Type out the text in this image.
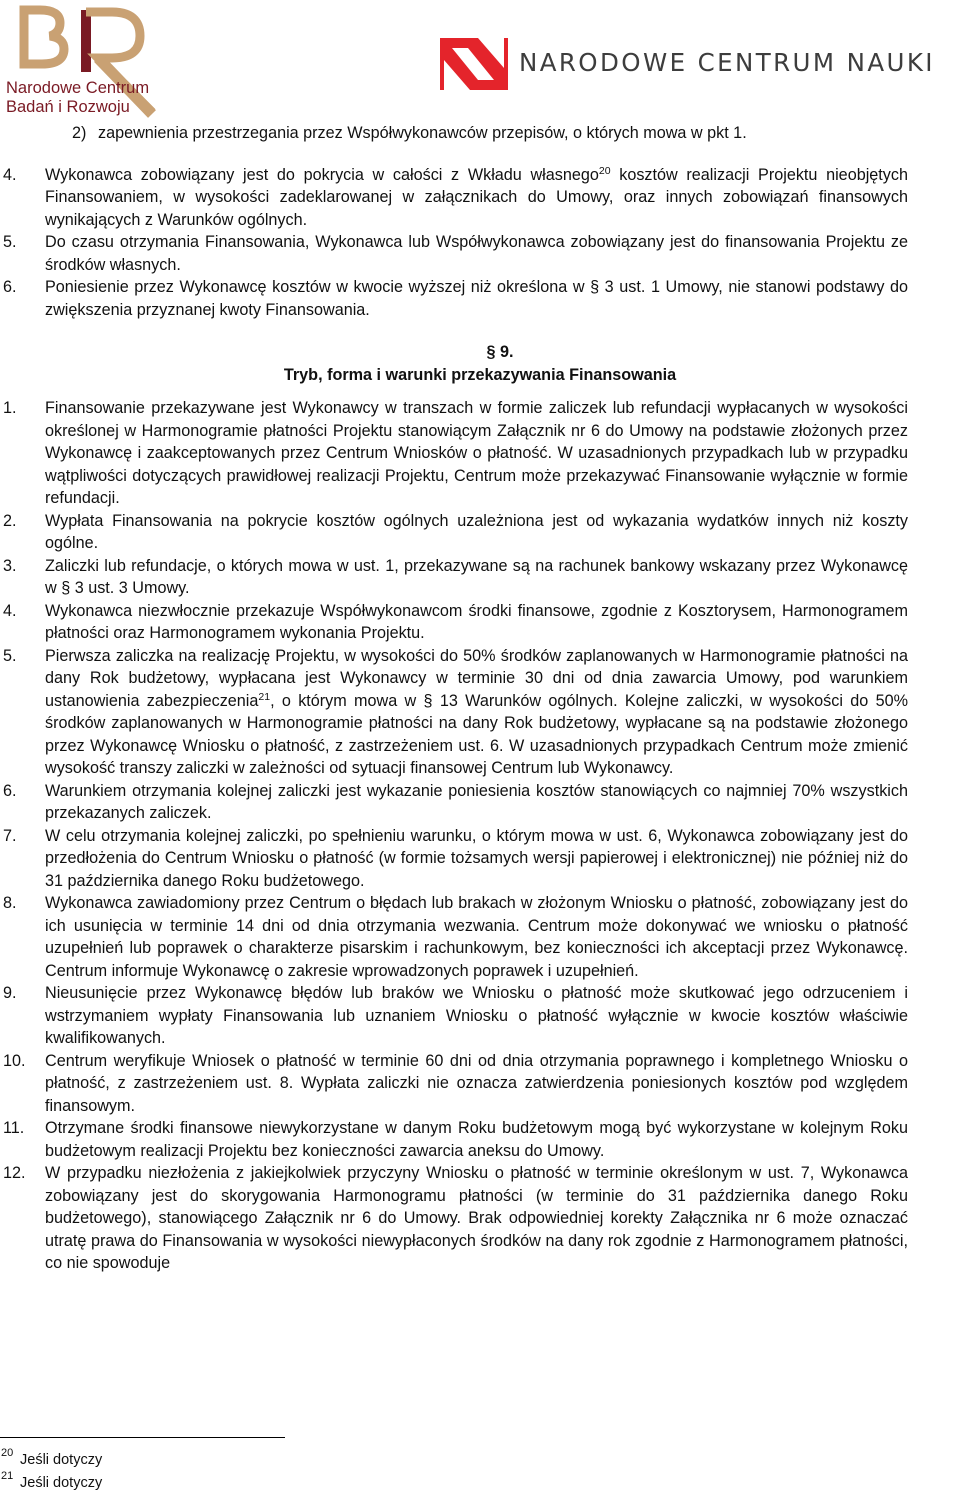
Narodowe Centrum
Badań i Rozwoju
NARODOWE CENTRUM NAUKI
2) zapewnienia przestrzegania przez Współwykonawców przepisów, o których mowa w pkt 1.
4. Wykonawca zobowiązany jest do pokrycia w całości z Wkładu własnego$^{20}$ kosztów realizacji Projektu nieobjętych Finansowaniem, w wysokości zadeklarowanej w załącznikach do Umowy, oraz innych zobowiązań finansowych wynikających z Warunków ogólnych.
5. Do czasu otrzymania Finansowania, Wykonawca lub Współwykonawca zobowiązany jest do finansowania Projektu ze środków własnych.
6. Poniesienie przez Wykonawcę kosztów w kwocie wyższej niż określona w § 3 ust. 1 Umowy, nie stanowi podstawy do zwiększenia przyznanej kwoty Finansowania.
§ 9.
Tryb, forma i warunki przekazywania Finansowania
1. Finansowanie przekazywane jest Wykonawcy w transzach w formie zaliczek lub refundacji wypłacanych w wysokości określonej w Harmonogramie płatności Projektu stanowiącym Załącznik nr 6 do Umowy na podstawie złożonych przez Wykonawcę i zaakceptowanych przez Centrum Wniosków o płatność. W uzasadnionych przypadkach lub w przypadku wątpliwości dotyczących prawidłowej realizacji Projektu, Centrum może przekazywać Finansowanie wyłącznie w formie refundacji.
2. Wypłata Finansowania na pokrycie kosztów ogólnych uzależniona jest od wykazania wydatków innych niż koszty ogólne.
3. Zaliczki lub refundacje, o których mowa w ust. 1, przekazywane są na rachunek bankowy wskazany przez Wykonawcę w § 3 ust. 3 Umowy.
4. Wykonawca niezwłocznie przekazuje Współwykonawcom środki finansowe, zgodnie z Kosztorysem, Harmonogramem płatności oraz Harmonogramem wykonania Projektu.
5. Pierwsza zaliczka na realizację Projektu, w wysokości do 50% środków zaplanowanych w Harmonogramie płatności na dany Rok budżetowy, wypłacana jest Wykonawcy w terminie 30 dni od dnia zawarcia Umowy, pod warunkiem ustanowienia zabezpieczenia$^{21}$, o którym mowa w § 13 Warunków ogólnych. Kolejne zaliczki, w wysokości do 50% środków zaplanowanych w Harmonogramie płatności na dany Rok budżetowy, wypłacane są na podstawie złożonego przez Wykonawcę Wniosku o płatność, z zastrzeżeniem ust. 6. W uzasadnionych przypadkach Centrum może zmienić wysokość transzy zaliczki w zależności od sytuacji finansowej Centrum lub Wykonawcy.
6. Warunkiem otrzymania kolejnej zaliczki jest wykazanie poniesienia kosztów stanowiących co najmniej 70% wszystkich przekazanych zaliczek.
7. W celu otrzymania kolejnej zaliczki, po spełnieniu warunku, o którym mowa w ust. 6, Wykonawca zobowiązany jest do przedłożenia do Centrum Wniosku o płatność (w formie tożsamych wersji papierowej i elektronicznej) nie później niż do 31 października danego Roku budżetowego.
8. Wykonawca zawiadomiony przez Centrum o błędach lub brakach w złożonym Wniosku o płatność, zobowiązany jest do ich usunięcia w terminie 14 dni od dnia otrzymania wezwania. Centrum może dokonywać we wniosku o płatność uzupełnień lub poprawek o charakterze pisarskim i rachunkowym, bez konieczności ich akceptacji przez Wykonawcę. Centrum informuje Wykonawcę o zakresie wprowadzonych poprawek i uzupełnień.
9. Nieusunięcie przez Wykonawcę błędów lub braków we Wniosku o płatność może skutkować jego odrzuceniem i wstrzymaniem wypłaty Finansowania lub uznaniem Wniosku o płatność wyłącznie w kwocie kosztów właściwie kwalifikowanych.
10. Centrum weryfikuje Wniosek o płatność w terminie 60 dni od dnia otrzymania poprawnego i kompletnego Wniosku o płatność, z zastrzeżeniem ust. 8. Wypłata zaliczki nie oznacza zatwierdzenia poniesionych kosztów pod względem finansowym.
11. Otrzymane środki finansowe niewykorzystane w danym Roku budżetowym mogą być wykorzystane w kolejnym Roku budżetowym realizacji Projektu bez konieczności zawarcia aneksu do Umowy.
12. W przypadku niezłożenia z jakiejkolwiek przyczyny Wniosku o płatność w terminie określonym w ust. 7, Wykonawca zobowiązany jest do skorygowania Harmonogramu płatności (w terminie do 31 października danego Roku budżetowego), stanowiącego Załącznik nr 6 do Umowy. Brak odpowiedniej korekty Załącznika nr 6 może oznaczać utratę prawa do Finansowania w wysokości niewypłaconych środków na dany rok zgodnie z Harmonogramem płatności, co nie spowoduje
20 Jeśli dotyczy
21 Jeśli dotyczy
